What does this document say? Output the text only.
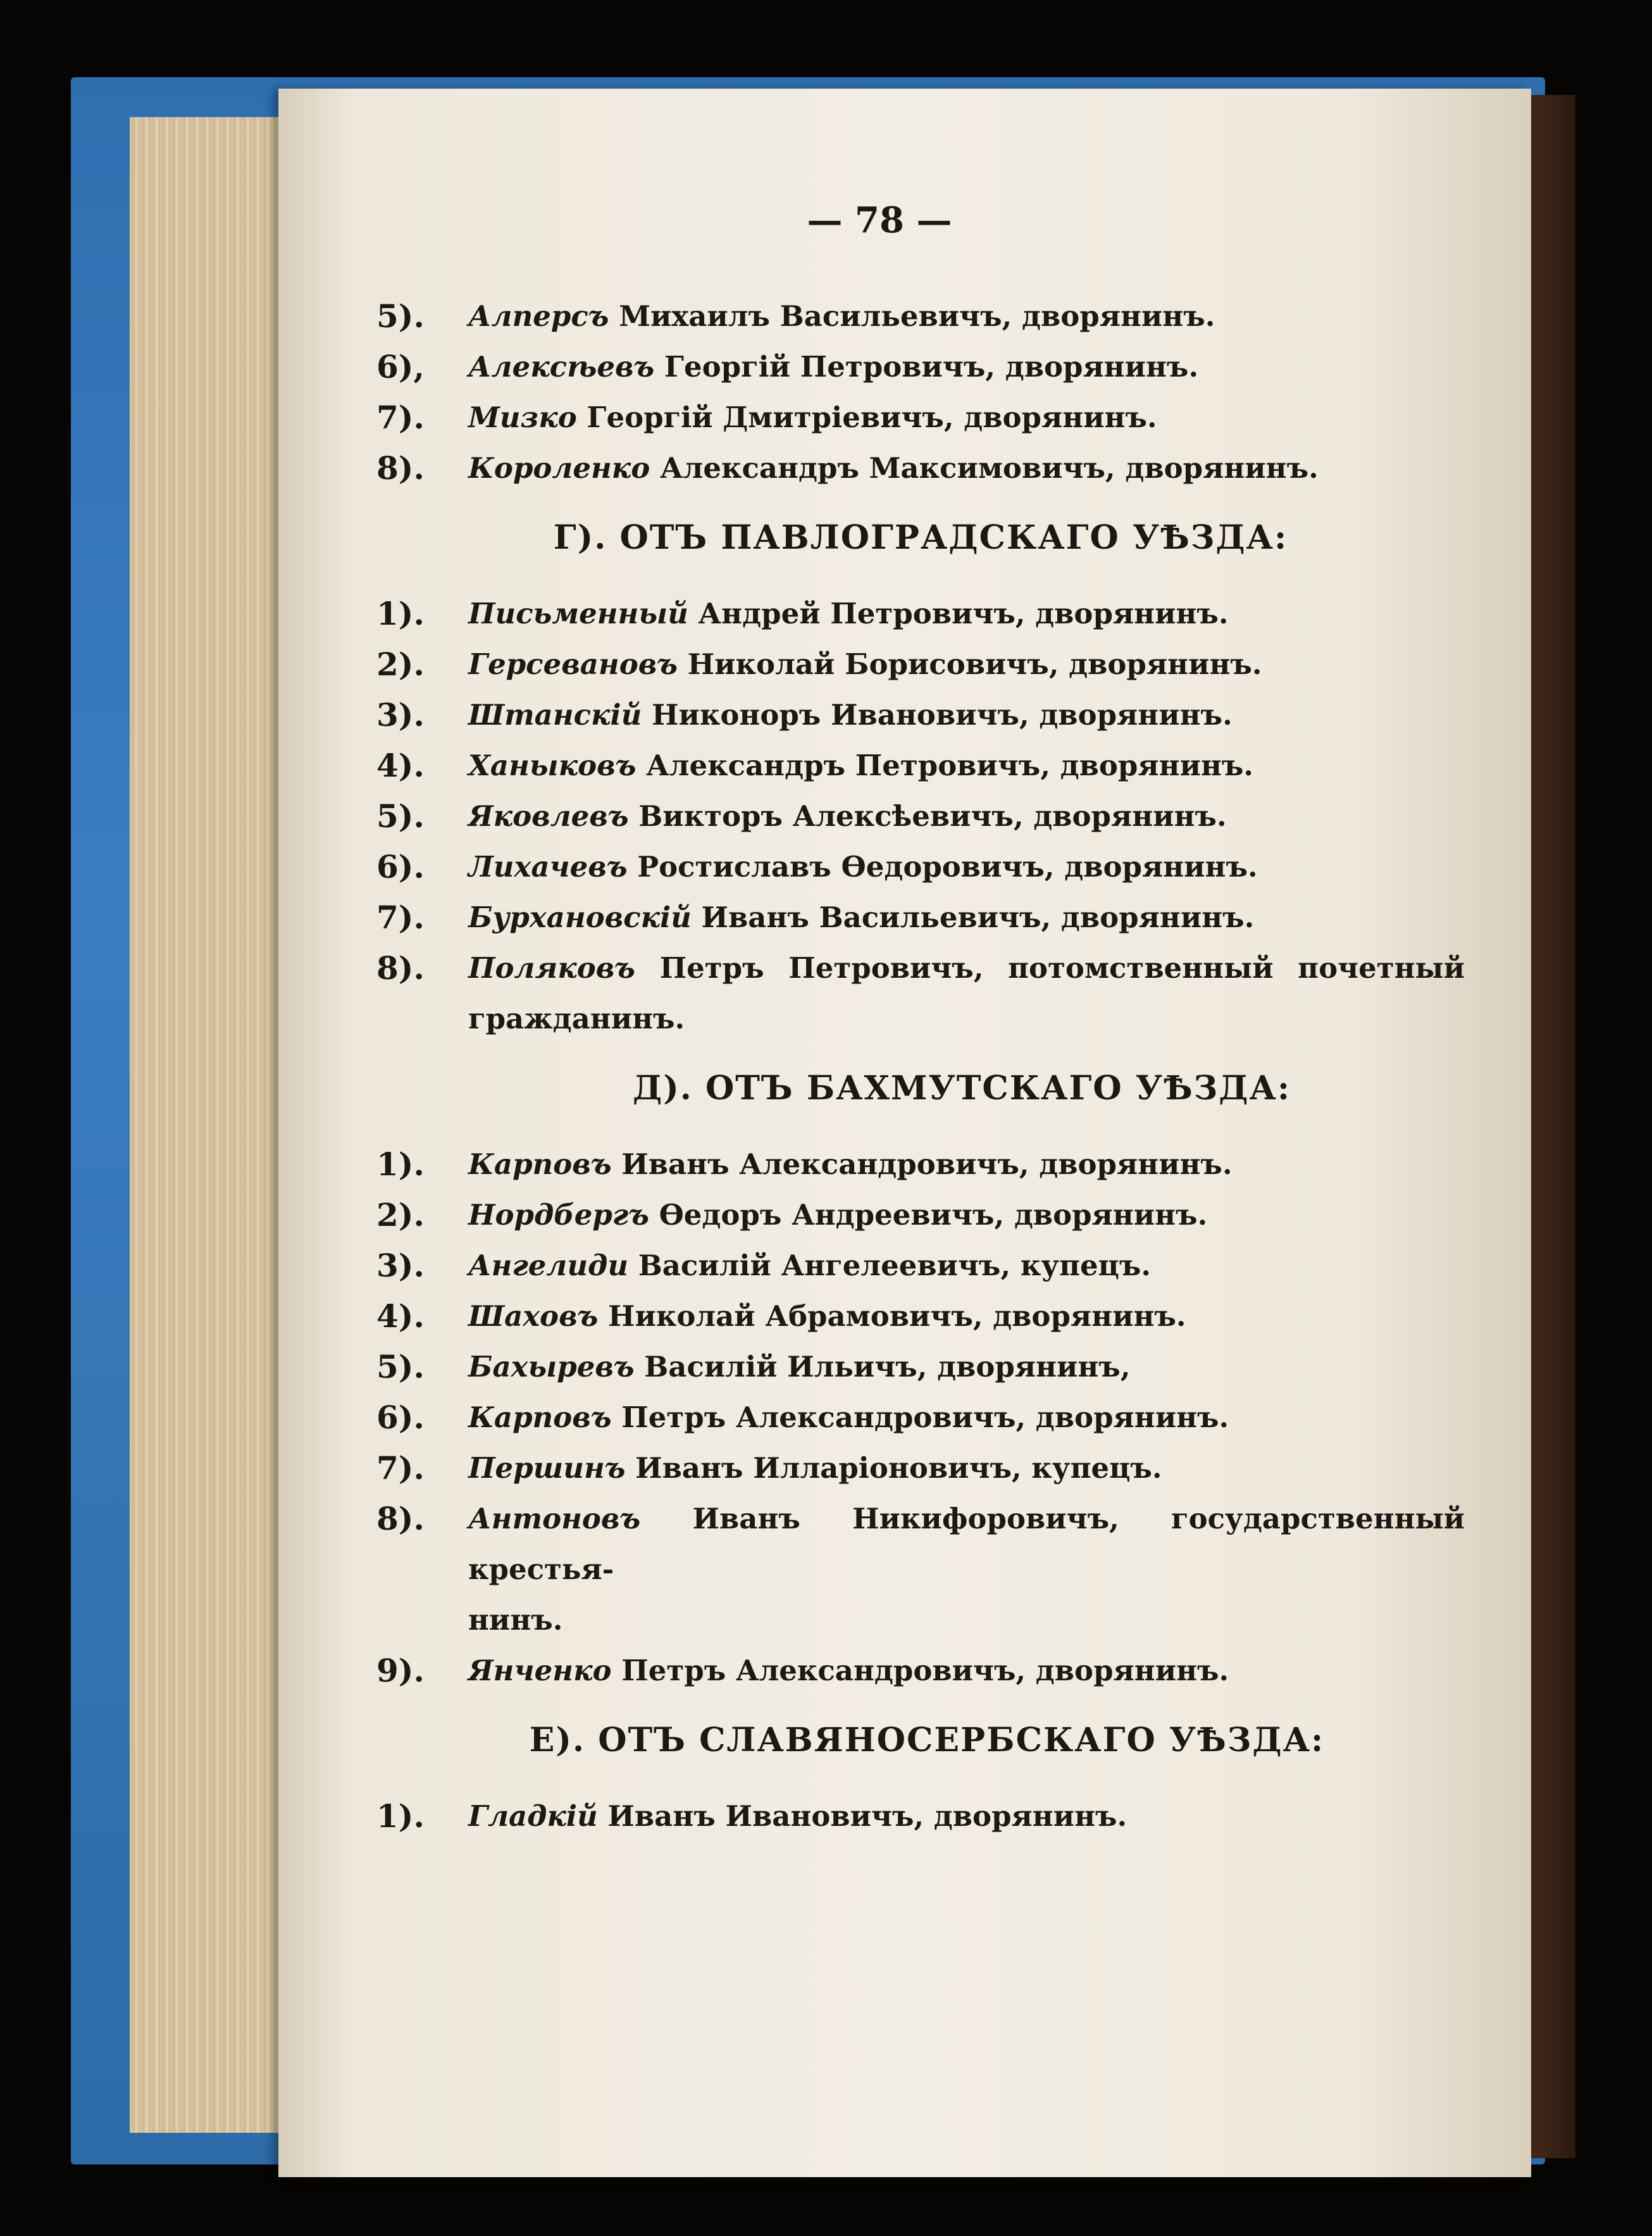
— 78 —
5).	Алперсъ Михаилъ Васильевичъ, дворянинъ.
6),	Алексѣевъ Георгій Петровичъ, дворянинъ.
7).	Мизко Георгій Дмитріевичъ, дворянинъ.
8).	Короленко Александръ Максимовичъ, дворянинъ.
Г). ОТЪ ПАВЛОГРАДСКАГО УѢЗДА:
1).	Письменный Андрей Петровичъ, дворянинъ.
2).	Герсевановъ Николай Борисовичъ, дворянинъ.
3).	Штанскій Никоноръ Ивановичъ, дворянинъ.
4).	Ханыковъ Александръ Петровичъ, дворянинъ.
5).	Яковлевъ Викторъ Алексѣевичъ, дворянинъ.
6).	Лихачевъ Ростиславъ Ѳедоровичъ, дворянинъ.
7).	Бурхановскій Иванъ Васильевичъ, дворянинъ.
8).	Поляковъ Петръ Петровичъ, потомственный почетный
гражданинъ.
Д). ОТЪ БАХМУТСКАГО УѢЗДА:
1).	Карповъ Иванъ Александровичъ, дворянинъ.
2).	Нордбергъ Ѳедоръ Андреевичъ, дворянинъ.
3).	Ангелиди Василій Ангелеевичъ, купецъ.
4).	Шаховъ Николай Абрамовичъ, дворянинъ.
5).	Бахыревъ Василій Ильичъ, дворянинъ,
6).	Карповъ Петръ Александровичъ, дворянинъ.
7).	Першинъ Иванъ Илларіоновичъ, купецъ.
8).	Антоновъ Иванъ Никифоровичъ, государственный крестья-
нинъ.
9).	Янченко Петръ Александровичъ, дворянинъ.
Е). ОТЪ СЛАВЯНОСЕРБСКАГО УѢЗДА:
1).	Гладкій Иванъ Ивановичъ, дворянинъ.
